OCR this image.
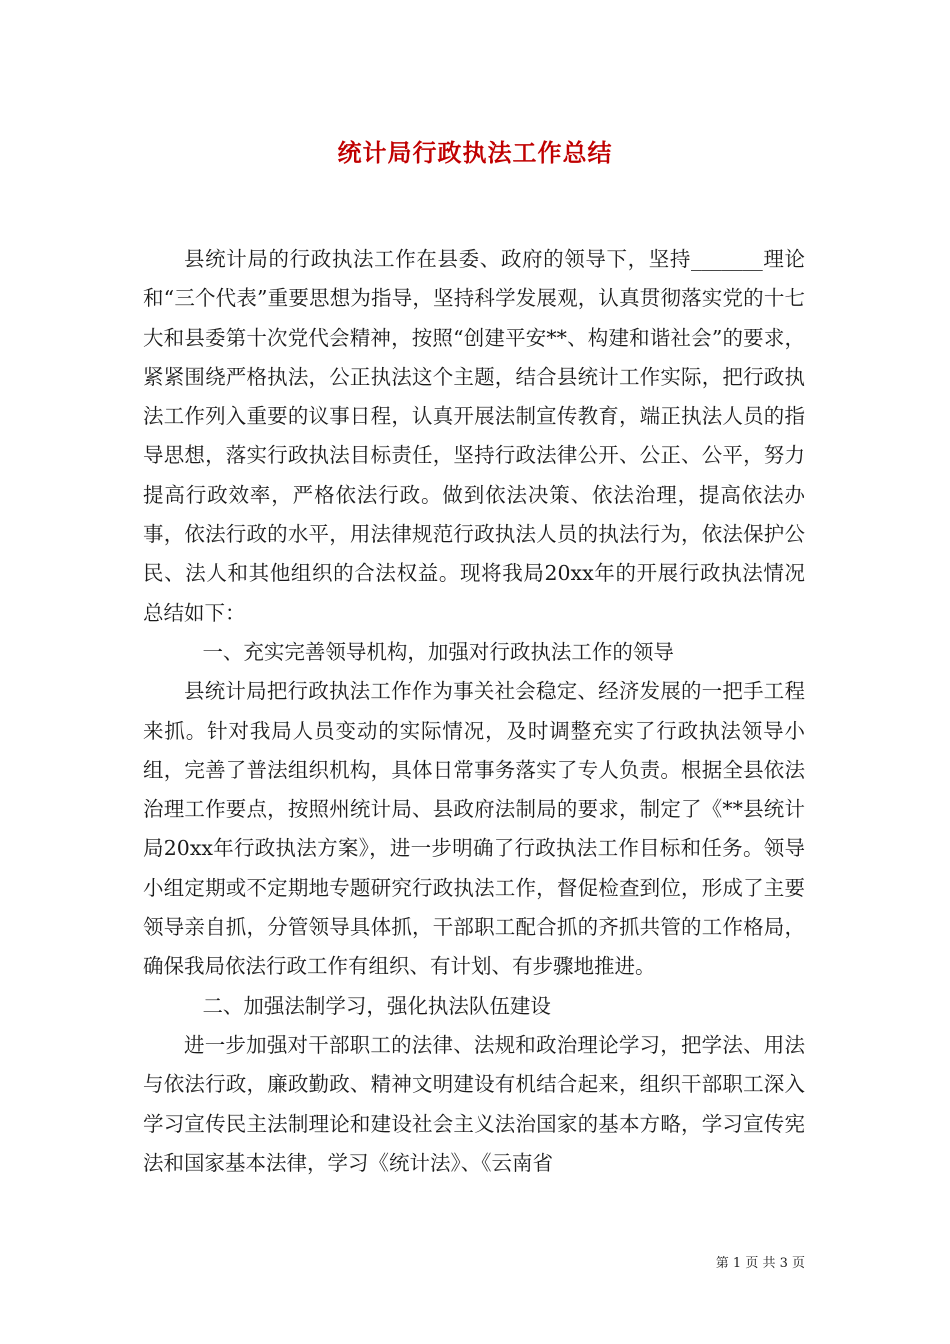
统计局行政执法工作总结

县统计局的行政执法工作在县委、政府的领导下，坚持_______理论和“三个代表”重要思想为指导，坚持科学发展观，认真贯彻落实党的十七大和县委第十次党代会精神，按照“创建平安**、构建和谐社会”的要求，紧紧围绕严格执法，公正执法这个主题，结合县统计工作实际，把行政执法工作列入重要的议事日程，认真开展法制宣传教育，端正执法人员的指导思想，落实行政执法目标责任，坚持行政法律公开、公正、公平，努力提高行政效率，严格依法行政。做到依法决策、依法治理，提高依法办事，依法行政的水平，用法律规范行政执法人员的执法行为，依法保护公民、法人和其他组织的合法权益。现将我局20xx年的开展行政执法情况总结如下：

一、充实完善领导机构，加强对行政执法工作的领导

县统计局把行政执法工作作为事关社会稳定、经济发展的一把手工程来抓。针对我局人员变动的实际情况，及时调整充实了行政执法领导小组，完善了普法组织机构，具体日常事务落实了专人负责。根据全县依法治理工作要点，按照州统计局、县政府法制局的要求，制定了《**县统计局20xx年行政执法方案》，进一步明确了行政执法工作目标和任务。领导小组定期或不定期地专题研究行政执法工作，督促检查到位，形成了主要领导亲自抓，分管领导具体抓，干部职工配合抓的齐抓共管的工作格局，确保我局依法行政工作有组织、有计划、有步骤地推进。

二、加强法制学习，强化执法队伍建设

进一步加强对干部职工的法律、法规和政治理论学习，把学法、用法与依法行政，廉政勤政、精神文明建设有机结合起来，组织干部职工深入学习宣传民主法制理论和建设社会主义法治国家的基本方略，学习宣传宪法和国家基本法律，学习《统计法》、《云南省

第 1 页 共 3 页
